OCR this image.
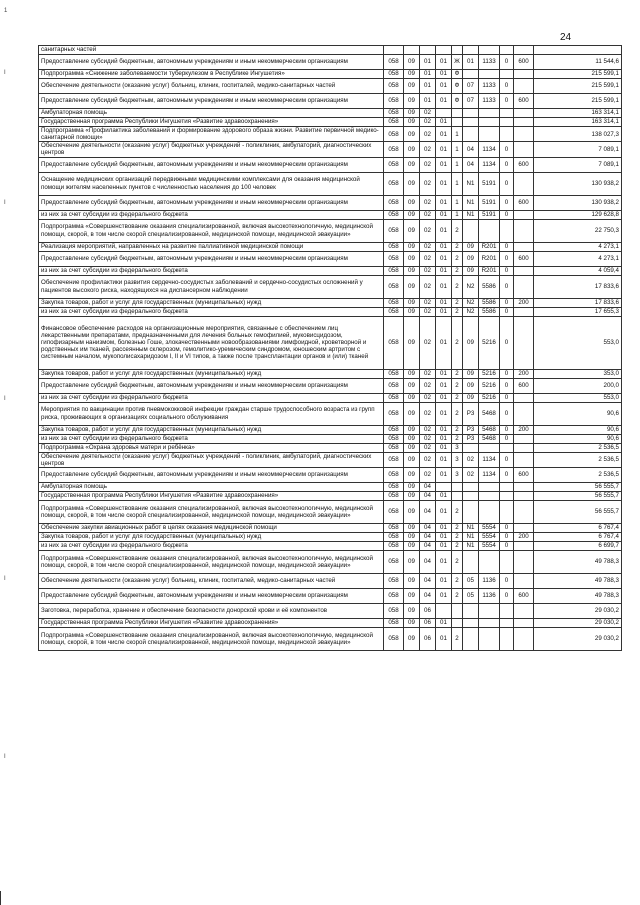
24
1
I
I
I
I
I
санитарных частей										
Предоставление субсидий бюджетным, автономным учреждениям и иным некоммерческим организациям	058	09	01	01	Ж	01	1133	0	600	11 544,6
Подпрограмма «Снижение заболеваемости туберкулезом в Республике Ингушетия»	058	09	01	01	Ф					215 599,1
Обеспечение деятельности (оказание услуг) больниц, клиник, госпиталей, медико-санитарных частей	058	09	01	01	Ф	07	1133	0		215 599,1
Предоставление субсидий бюджетным, автономным учреждениям и иным некоммерческим организациям	058	09	01	01	Ф	07	1133	0	600	215 599,1
Амбулаторная помощь	058	09	02							163 314,1
Государственная программа Республики Ингушетия «Развитие здравоохранения»	058	09	02	01						163 314,1
Подпрограмма «Профилактика заболеваний и формирование здорового образа жизни. Развитие первичной медико-санитарной помощи»	058	09	02	01	1					138 027,3
Обеспечение деятельности (оказание услуг) бюджетных учреждений - поликлиник, амбулаторий, диагностических центров	058	09	02	01	1	04	1134	0		7 089,1
Предоставление субсидий бюджетным, автономным учреждениям и иным некоммерческим организациям	058	09	02	01	1	04	1134	0	600	7 089,1
Оснащение медицинских организаций передвижными медицинскими комплексами для оказания медицинской помощи жителям населенных пунктов с численностью населения до 100 человек	058	09	02	01	1	N1	5191	0		130 938,2
Предоставление субсидий бюджетным, автономным учреждениям и иным некоммерческим организациям	058	09	02	01	1	N1	5191	0	600	130 938,2
из них за счет субсидии из федерального бюджета	058	09	02	01	1	N1	5191	0		129 628,8
Подпрограмма «Совершенствование оказания специализированной, включая высокотехнологичную, медицинской помощи, скорой, в том числе скорой специализированной, медицинской помощи, медицинской эвакуации»	058	09	02	01	2					22 750,3
Реализация мероприятий, направленных на развитие паллиативной медицинской помощи	058	09	02	01	2	09	R201	0		4 273,1
Предоставление субсидий бюджетным, автономным учреждениям и иным некоммерческим организациям	058	09	02	01	2	09	R201	0	600	4 273,1
из них за счет субсидии из федерального бюджета	058	09	02	01	2	09	R201	0		4 059,4
Обеспечение профилактики развития сердечно-сосудистых заболеваний и сердечно-сосудистых осложнений у пациентов высокого риска, находящихся на диспансерном наблюдении	058	09	02	01	2	N2	5586	0		17 833,6
Закупка товаров, работ и услуг для государственных (муниципальных) нужд	058	09	02	01	2	N2	5586	0	200	17 833,6
из них за счет субсидии из федерального бюджета	058	09	02	01	2	N2	5586	0		17 655,3
Финансовое обеспечение расходов на организационные мероприятия, связанные с обеспечением лиц лекарственными препаратами, предназначенными для лечения больных гемофилией, муковисцидозом, гипофизарным нанизмом, болезнью Гоше, злокачественными новообразованиями лимфоидной, кроветворной и родственных им тканей, рассеянным склерозом, гемолитико-уремическим синдромом, юношеским артритом с системным началом, мукополисахаридозом I, II и VI типов, а также после трансплантации органов и (или) тканей	058	09	02	01	2	09	5216	0		553,0
Закупка товаров, работ и услуг для государственных (муниципальных) нужд	058	09	02	01	2	09	5216	0	200	353,0
Предоставление субсидий бюджетным, автономным учреждениям и иным некоммерческим организациям	058	09	02	01	2	09	5216	0	600	200,0
из них за счет субсидии из федерального бюджета	058	09	02	01	2	09	5216	0		553,0
Мероприятия по вакцинации против пневмококковой инфекции граждан старше трудоспособного возраста из групп риска, проживающих в организациях социального обслуживания	058	09	02	01	2	P3	5468	0		90,6
Закупка товаров, работ и услуг для государственных (муниципальных) нужд	058	09	02	01	2	P3	5468	0	200	90,6
из них за счет субсидии из федерального бюджета	058	09	02	01	2	P3	5468	0		90,6
Подпрограмма «Охрана здоровья матери и ребёнка»	058	09	02	01	3					2 536,5
Обеспечение деятельности (оказание услуг) бюджетных учреждений - поликлиник, амбулаторий, диагностических центров	058	09	02	01	3	02	1134	0		2 536,5
Предоставление субсидий бюджетным, автономным учреждениям и иным некоммерческим организациям	058	09	02	01	3	02	1134	0	600	2 536,5
Амбулаторная помощь	058	09	04							56 555,7
Государственная программа Республики Ингушетия «Развитие здравоохранения»	058	09	04	01						56 555,7
Подпрограмма «Совершенствование оказания специализированной, включая высокотехнологичную, медицинской помощи, скорой, в том числе скорой специализированной, медицинской помощи, медицинской эвакуации»	058	09	04	01	2					56 555,7
Обеспечение закупки авиационных работ в целях оказания медицинской помощи	058	09	04	01	2	N1	5554	0		6 767,4
Закупка товаров, работ и услуг для государственных (муниципальных) нужд	058	09	04	01	2	N1	5554	0	200	6 767,4
из них за счет субсидии из федерального бюджета	058	09	04	01	2	N1	5554	0		6 699,7
Подпрограмма «Совершенствование оказания специализированной, включая высокотехнологичную, медицинской помощи, скорой, в том числе скорой специализированной, медицинской помощи, медицинской эвакуации»	058	09	04	01	2					49 788,3
Обеспечение деятельности (оказание услуг) больниц, клиник, госпиталей, медико-санитарных частей	058	09	04	01	2	05	1136	0		49 788,3
Предоставление субсидий бюджетным, автономным учреждениям и иным некоммерческим организациям	058	09	04	01	2	05	1136	0	600	49 788,3
Заготовка, переработка, хранение и обеспечение безопасности донорской крови и её компонентов	058	09	06							29 030,2
Государственная программа Республики Ингушетия «Развитие здравоохранения»	058	09	06	01						29 030,2
Подпрограмма «Совершенствование оказания специализированной, включая высокотехнологичную, медицинской помощи, скорой, в том числе скорой специализированной, медицинской помощи, медицинской эвакуации»	058	09	06	01	2					29 030,2
